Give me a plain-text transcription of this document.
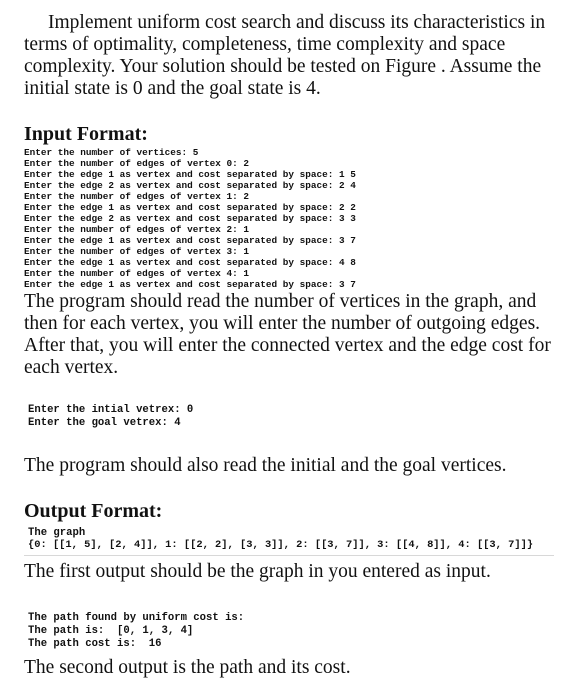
Implement uniform cost search and discuss its characteristics in
terms of optimality, completeness, time complexity and space
complexity. Your solution should be tested on Figure . Assume the
initial state is 0 and the goal state is 4.
Input Format:
Enter the number of vertices: 5
Enter the number of edges of vertex 0: 2
Enter the edge 1 as vertex and cost separated by space: 1 5
Enter the edge 2 as vertex and cost separated by space: 2 4
Enter the number of edges of vertex 1: 2
Enter the edge 1 as vertex and cost separated by space: 2 2
Enter the edge 2 as vertex and cost separated by space: 3 3
Enter the number of edges of vertex 2: 1
Enter the edge 1 as vertex and cost separated by space: 3 7
Enter the number of edges of vertex 3: 1
Enter the edge 1 as vertex and cost separated by space: 4 8
Enter the number of edges of vertex 4: 1
Enter the edge 1 as vertex and cost separated by space: 3 7
The program should read the number of vertices in the graph, and
then for each vertex, you will enter the number of outgoing edges.
After that, you will enter the connected vertex and the edge cost for
each vertex.
Enter the intial vetrex: 0
Enter the goal vetrex: 4
The program should also read the initial and the goal vertices.
Output Format:
The graph
{0: [[1, 5], [2, 4]], 1: [[2, 2], [3, 3]], 2: [[3, 7]], 3: [[4, 8]], 4: [[3, 7]]}
The first output should be the graph in you entered as input.
The path found by uniform cost is:
The path is:  [0, 1, 3, 4]
The path cost is:  16
The second output is the path and its cost.
